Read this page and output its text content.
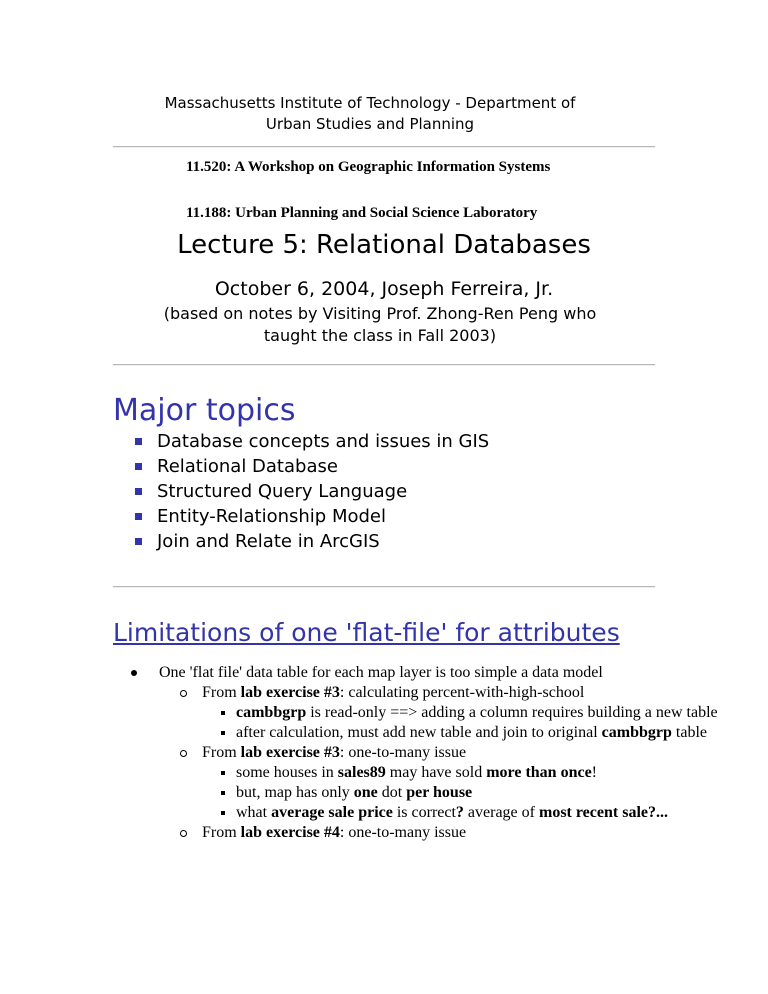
Massachusetts Institute of Technology - Department of Urban Studies and Planning
11.520: A Workshop on Geographic Information Systems
11.188: Urban Planning and Social Science Laboratory
Lecture 5: Relational Databases
October 6, 2004, Joseph Ferreira, Jr.
(based on notes by Visiting Prof. Zhong-Ren Peng who taught the class in Fall 2003)
Major topics
Database concepts and issues in GIS
Relational Database
Structured Query Language
Entity-Relationship Model
Join and Relate in ArcGIS
Limitations of one 'flat-file' for attributes
One 'flat file' data table for each map layer is too simple a data model
From lab exercise #3: calculating percent-with-high-school
cambbgrp is read-only ==> adding a column requires building a new table
after calculation, must add new table and join to original cambbgrp table
From lab exercise #3: one-to-many issue
some houses in sales89 may have sold more than once!
but, map has only one dot per house
what average sale price is correct? average of most recent sale?...
From lab exercise #4: one-to-many issue
